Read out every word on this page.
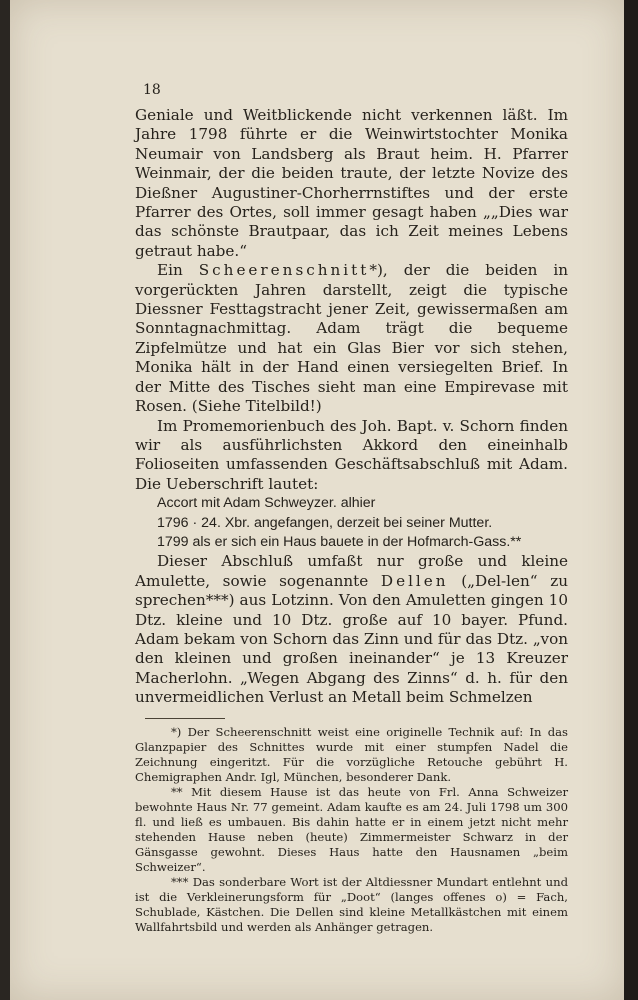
18

Geniale und Weitblickende nicht verkennen läßt. Im Jahre 1798 führte er die Weinwirtstochter Monika Neumair von Landsberg als Braut heim. H. Pfarrer Weinmair, der die beiden traute, der letzte Novize des Dießner Augustiner-Chorherrnstiftes und der erste Pfarrer des Ortes, soll immer gesagt haben „„Dies war das schönste Brautpaar, das ich Zeit meines Lebens getraut habe.“

Ein Scheerenschnitt*), der die beiden in vorgerückten Jahren darstellt, zeigt die typische Diessner Festtagstracht jener Zeit, gewissermaßen am Sonntagnachmittag. Adam trägt die bequeme Zipfelmütze und hat ein Glas Bier vor sich stehen, Monika hält in der Hand einen versiegelten Brief. In der Mitte des Tisches sieht man eine Empirevase mit Rosen. (Siehe Titelbild!)

Im Promemorienbuch des Joh. Bapt. v. Schorn finden wir als ausführlichsten Akkord den eineinhalb Folioseiten umfassenden Geschäftsabschluß mit Adam. Die Ueberschrift lautet:

Accort mit Adam Schweyzer. alhier
1796 · 24. Xbr. angefangen, derzeit bei seiner Mutter.
1799 als er sich ein Haus bauete in der Hofmarch-Gass.**

Dieser Abschluß umfaßt nur große und kleine Amulette, sowie sogenannte Dellen („Del-len“ zu sprechen***) aus Lotzinn. Von den Amuletten gingen 10 Dtz. kleine und 10 Dtz. große auf 10 bayer. Pfund. Adam bekam von Schorn das Zinn und für das Dtz. „von den kleinen und großen ineinander“ je 13 Kreuzer Macherlohn. „Wegen Abgang des Zinns“ d. h. für den unvermeidlichen Verlust an Metall beim Schmelzen

*) Der Scheerenschnitt weist eine originelle Technik auf: In das Glanzpapier des Schnittes wurde mit einer stumpfen Nadel die Zeichnung eingeritzt. Für die vorzügliche Retouche gebührt H. Chemigraphen Andr. Igl, München, besonderer Dank.

** Mit diesem Hause ist das heute von Frl. Anna Schweizer bewohnte Haus Nr. 77 gemeint. Adam kaufte es am 24. Juli 1798 um 300 fl. und ließ es umbauen. Bis dahin hatte er in einem jetzt nicht mehr stehenden Hause neben (heute) Zimmermeister Schwarz in der Gänsgasse gewohnt. Dieses Haus hatte den Hausnamen „beim Schweizer“.

*** Das sonderbare Wort ist der Altdiessner Mundart entlehnt und ist die Verkleinerungsform für „Doot“ (langes offenes o) = Fach, Schublade, Kästchen. Die Dellen sind kleine Metallkästchen mit einem Wallfahrtsbild und werden als Anhänger getragen.
